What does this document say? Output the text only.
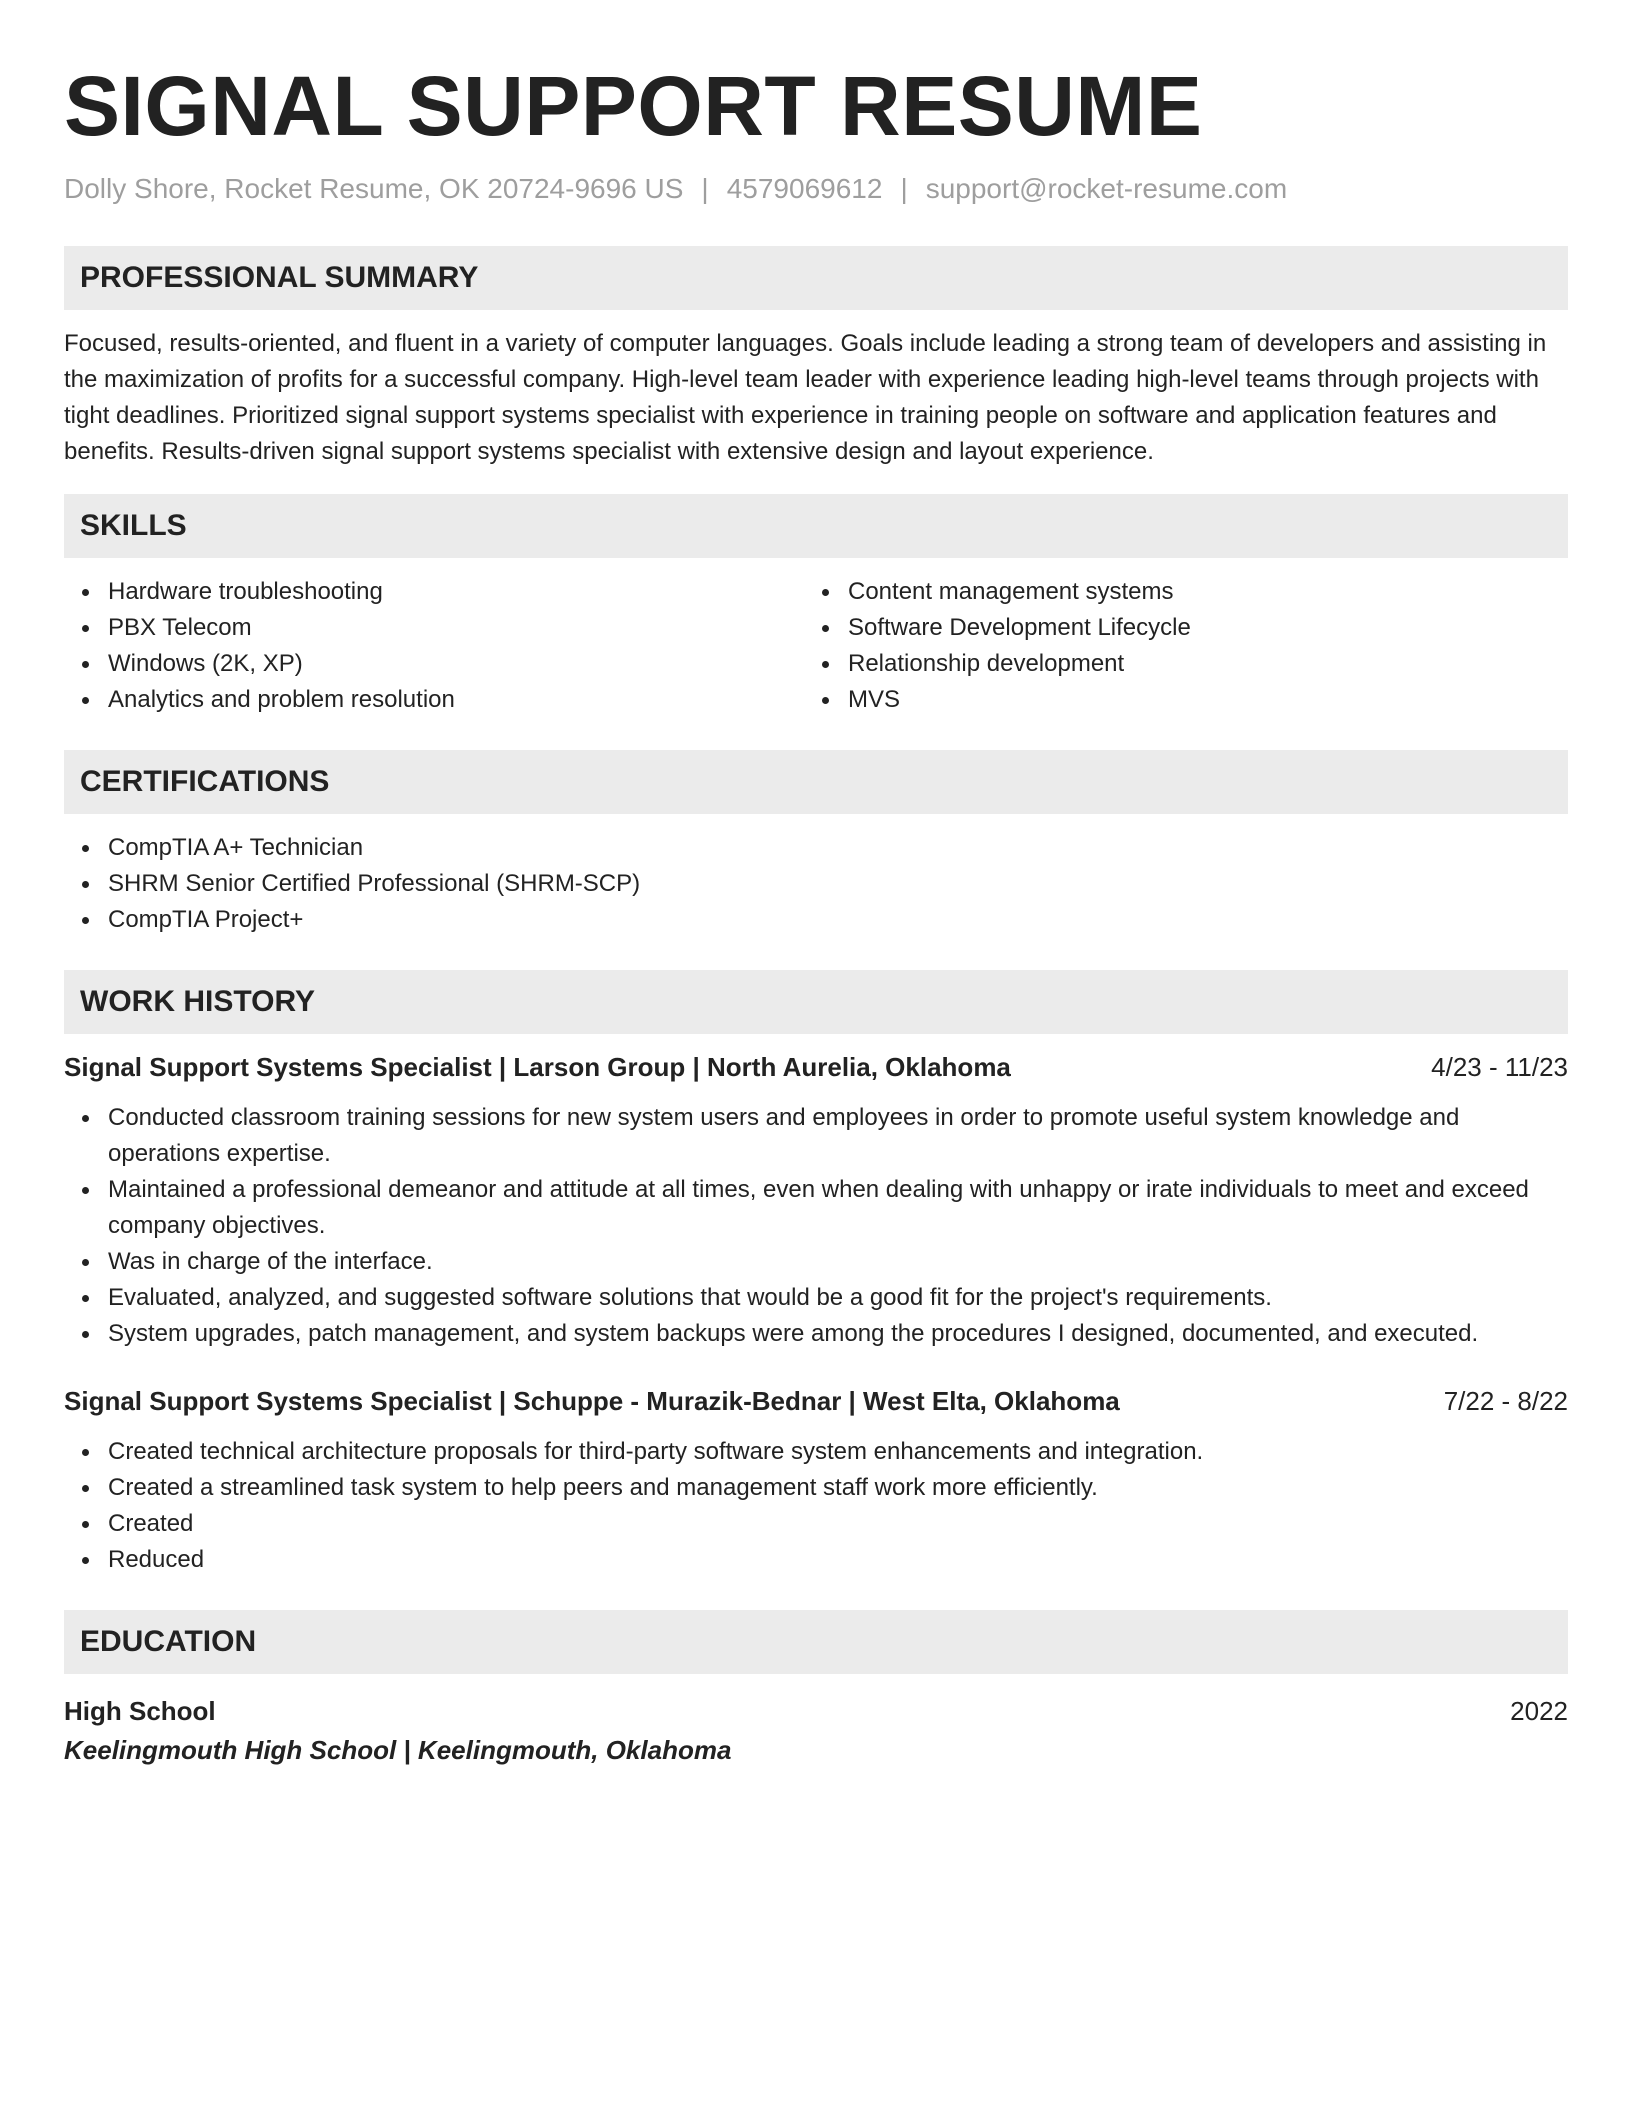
SIGNAL SUPPORT RESUME
Dolly Shore, Rocket Resume, OK 20724-9696 US | 4579069612 | support@rocket-resume.com
PROFESSIONAL SUMMARY

Focused, results-oriented, and fluent in a variety of computer languages. Goals include leading a strong team of developers and assisting in the maximization of profits for a successful company. High-level team leader with experience leading high-level teams through projects with tight deadlines. Prioritized signal support systems specialist with experience in training people on software and application features and benefits. Results-driven signal support systems specialist with extensive design and layout experience.

SKILLS
Hardware troubleshooting
PBX Telecom
Windows (2K, XP)
Analytics and problem resolution
Content management systems
Software Development Lifecycle
Relationship development
MVS
CERTIFICATIONS
CompTIA A+ Technician
SHRM Senior Certified Professional (SHRM-SCP)
CompTIA Project+
WORK HISTORY
Signal Support Systems Specialist | Larson Group | North Aurelia, Oklahoma	4/23 - 11/23
Conducted classroom training sessions for new system users and employees in order to promote useful system knowledge and operations expertise.
Maintained a professional demeanor and attitude at all times, even when dealing with unhappy or irate individuals to meet and exceed company objectives.
Was in charge of the interface.
Evaluated, analyzed, and suggested software solutions that would be a good fit for the project's requirements.
System upgrades, patch management, and system backups were among the procedures I designed, documented, and executed.
Signal Support Systems Specialist | Schuppe - Murazik-Bednar | West Elta, Oklahoma	7/22 - 8/22
Created technical architecture proposals for third-party software system enhancements and integration.
Created a streamlined task system to help peers and management staff work more efficiently.
Created
Reduced
EDUCATION
High School	2022
Keelingmouth High School | Keelingmouth, Oklahoma
